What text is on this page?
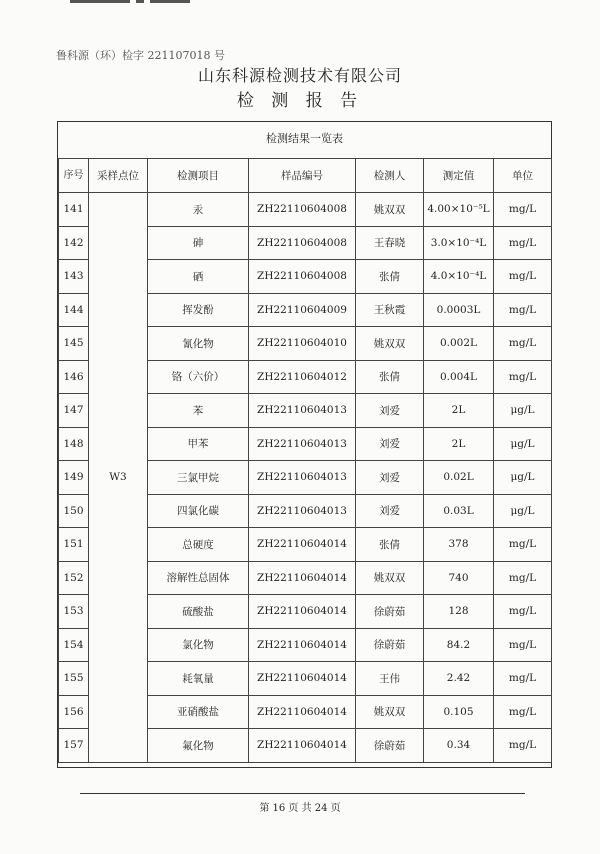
鲁科源（环）检字 221107018 号
山东科源检测技术有限公司
检 测 报 告
检测结果一览表
序号	采样点位	检测项目	样品编号	检测人	测定值	单位
141	W3	汞	ZH22110604008	姚双双	4.00×10⁻⁵L	mg/L
142		砷	ZH22110604008	王春晓	3.0×10⁻⁴L	mg/L
143		硒	ZH22110604008	张倩	4.0×10⁻⁴L	mg/L
144		挥发酚	ZH22110604009	王秋霞	0.0003L	mg/L
145		氰化物	ZH22110604010	姚双双	0.002L	mg/L
146		铬（六价）	ZH22110604012	张倩	0.004L	mg/L
147		苯	ZH22110604013	刘爱	2L	μg/L
148		甲苯	ZH22110604013	刘爱	2L	μg/L
149		三氯甲烷	ZH22110604013	刘爱	0.02L	μg/L
150		四氯化碳	ZH22110604013	刘爱	0.03L	μg/L
151		总硬度	ZH22110604014	张倩	378	mg/L
152		溶解性总固体	ZH22110604014	姚双双	740	mg/L
153		硫酸盐	ZH22110604014	徐蔚茹	128	mg/L
154		氯化物	ZH22110604014	徐蔚茹	84.2	mg/L
155		耗氧量	ZH22110604014	王伟	2.42	mg/L
156		亚硝酸盐	ZH22110604014	姚双双	0.105	mg/L
157		氟化物	ZH22110604014	徐蔚茹	0.34	mg/L
第 16 页 共 24 页
